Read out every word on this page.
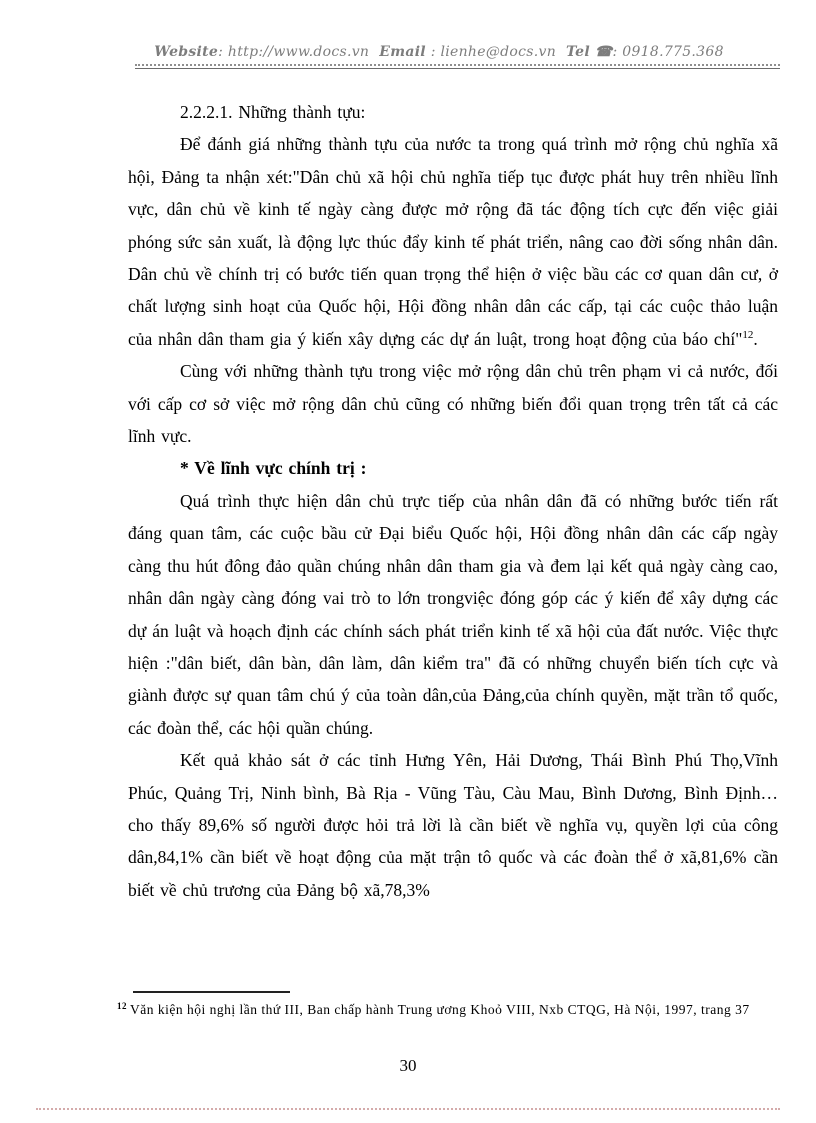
Website: http://www.docs.vn Email : lienhe@docs.vn Tel ☎: 0918.775.368

2.2.2.1. Những thành tựu:

Để đánh giá những thành tựu của nước ta trong quá trình mở rộng chủ nghĩa xã hội, Đảng ta nhận xét:"Dân chủ xã hội chủ nghĩa tiếp tục được phát huy trên nhiều lĩnh vực, dân chủ về kinh tế ngày càng được mở rộng đã tác động tích cực đến việc giải phóng sức sản xuất, là động lực thúc đẩy kinh tế phát triển, nâng cao đời sống nhân dân. Dân chủ về chính trị có bước tiến quan trọng thể hiện ở việc bầu các cơ quan dân cư, ở chất lượng sinh hoạt của Quốc hội, Hội đồng nhân dân các cấp, tại các cuộc thảo luận của nhân dân tham gia ý kiến xây dựng các dự án luật, trong hoạt động của báo chí"$^{12}$.

Cùng với những thành tựu trong việc mở rộng dân chủ trên phạm vi cả nước, đối với cấp cơ sở việc mở rộng dân chủ cũng có những biến đổi quan trọng trên tất cả các lĩnh vực.

* Về lĩnh vực chính trị :

Quá trình thực hiện dân chủ trực tiếp của nhân dân đã có những bước tiến rất đáng quan tâm, các cuộc bầu cử Đại biểu Quốc hội, Hội đồng nhân dân các cấp ngày càng thu hút đông đảo quần chúng nhân dân tham gia và đem lại kết quả ngày càng cao, nhân dân ngày càng đóng vai trò to lớn trongviệc đóng góp các ý kiến để xây dựng các dự án luật và hoạch định các chính sách phát triển kinh tế xã hội của đất nước. Việc thực hiện :"dân biết, dân bàn, dân làm, dân kiểm tra" đã có những chuyển biến tích cực và giành được sự quan tâm chú ý của toàn dân,của Đảng,của chính quyền, mặt trần tổ quốc, các đoàn thể, các hội quần chúng.

Kết quả khảo sát ở các tỉnh Hưng Yên, Hải Dương, Thái Bình Phú Thọ,Vĩnh Phúc, Quảng Trị, Ninh bình, Bà Rịa - Vũng Tàu, Càu Mau, Bình Dương, Bình Định… cho thấy 89,6% số người được hỏi trả lời là cần biết về nghĩa vụ, quyền lợi của công dân,84,1% cần biết về hoạt động của mặt trận tô quốc và các đoàn thể ở xã,81,6% cần biết về chủ trương của Đảng bộ xã,78,3%

$^{12}$ Văn kiện hội nghị lần thứ III, Ban chấp hành Trung ương Khoỏ VIII, Nxb CTQG, Hà Nội, 1997, trang 37
30
